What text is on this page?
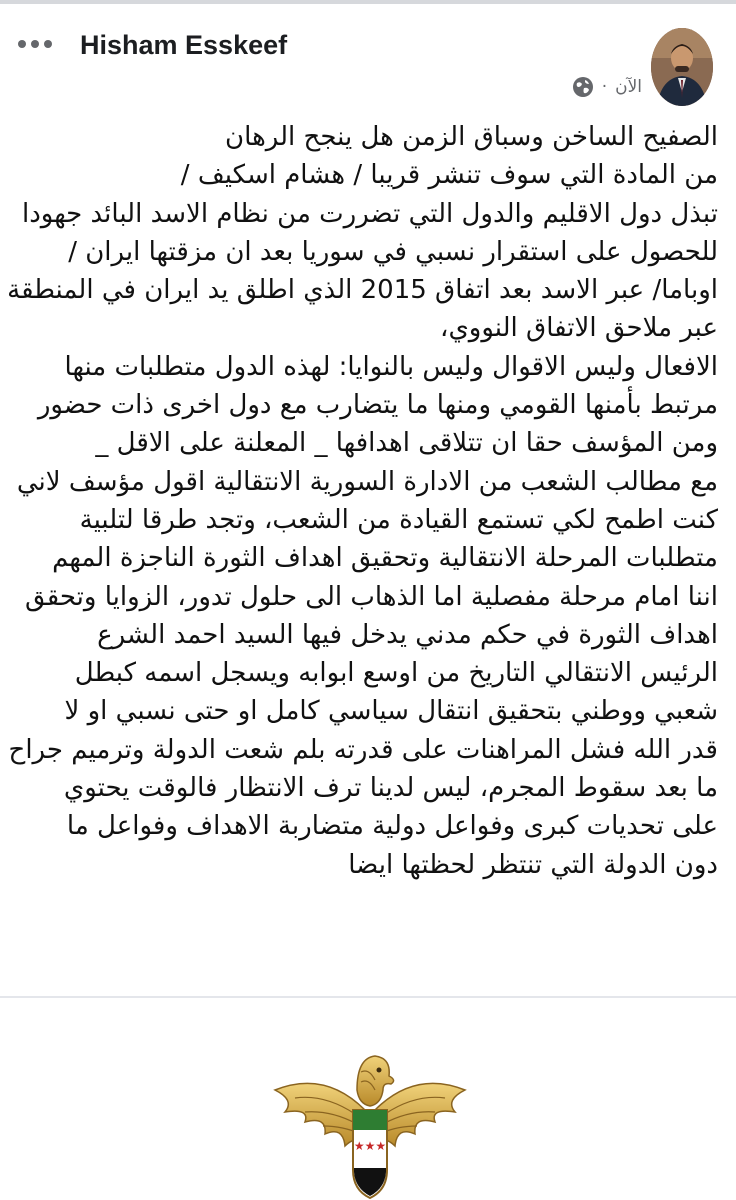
Hisham Esskeef
· الآن

الصفيح الساخن وسباق الزمن هل ينجح الرهان

من المادة التي سوف تنشر قريبا / هشام اسكيف /

تبذل دول الاقليم والدول التي تضررت من نظام الاسد البائد جهودا

للحصول على استقرار نسبي في سوريا بعد ان مزقتها ايران /

اوباما/ عبر الاسد بعد اتفاق 2015 الذي اطلق يد ايران في المنطقة

عبر ملاحق الاتفاق النووي،

الافعال وليس الاقوال وليس بالنوايا: لهذه الدول متطلبات منها

مرتبط بأمنها القومي ومنها ما يتضارب مع دول اخرى ذات حضور

ومن المؤسف حقا ان تتلاقى اهدافها _ المعلنة على الاقل _

مع مطالب الشعب من الادارة السورية الانتقالية اقول مؤسف لاني

كنت اطمح لكي تستمع القيادة من الشعب، وتجد طرقا لتلبية

متطلبات المرحلة الانتقالية وتحقيق اهداف الثورة الناجزة المهم

اننا امام مرحلة مفصلية اما الذهاب الى حلول تدور، الزوايا وتحقق

اهداف الثورة في حكم مدني يدخل فيها السيد احمد الشرع

الرئيس الانتقالي التاريخ من اوسع ابوابه ويسجل اسمه كبطل

شعبي ووطني بتحقيق انتقال سياسي كامل او حتى نسبي او لا

قدر الله فشل المراهنات على قدرته بلم شعت الدولة وترميم جراح

ما بعد سقوط المجرم، ليس لدينا ترف الانتظار فالوقت يحتوي

على تحديات كبرى وفواعل دولية متضاربة الاهداف وفواعل ما

دون الدولة التي تنتظر لحظتها ايضا

★★★
